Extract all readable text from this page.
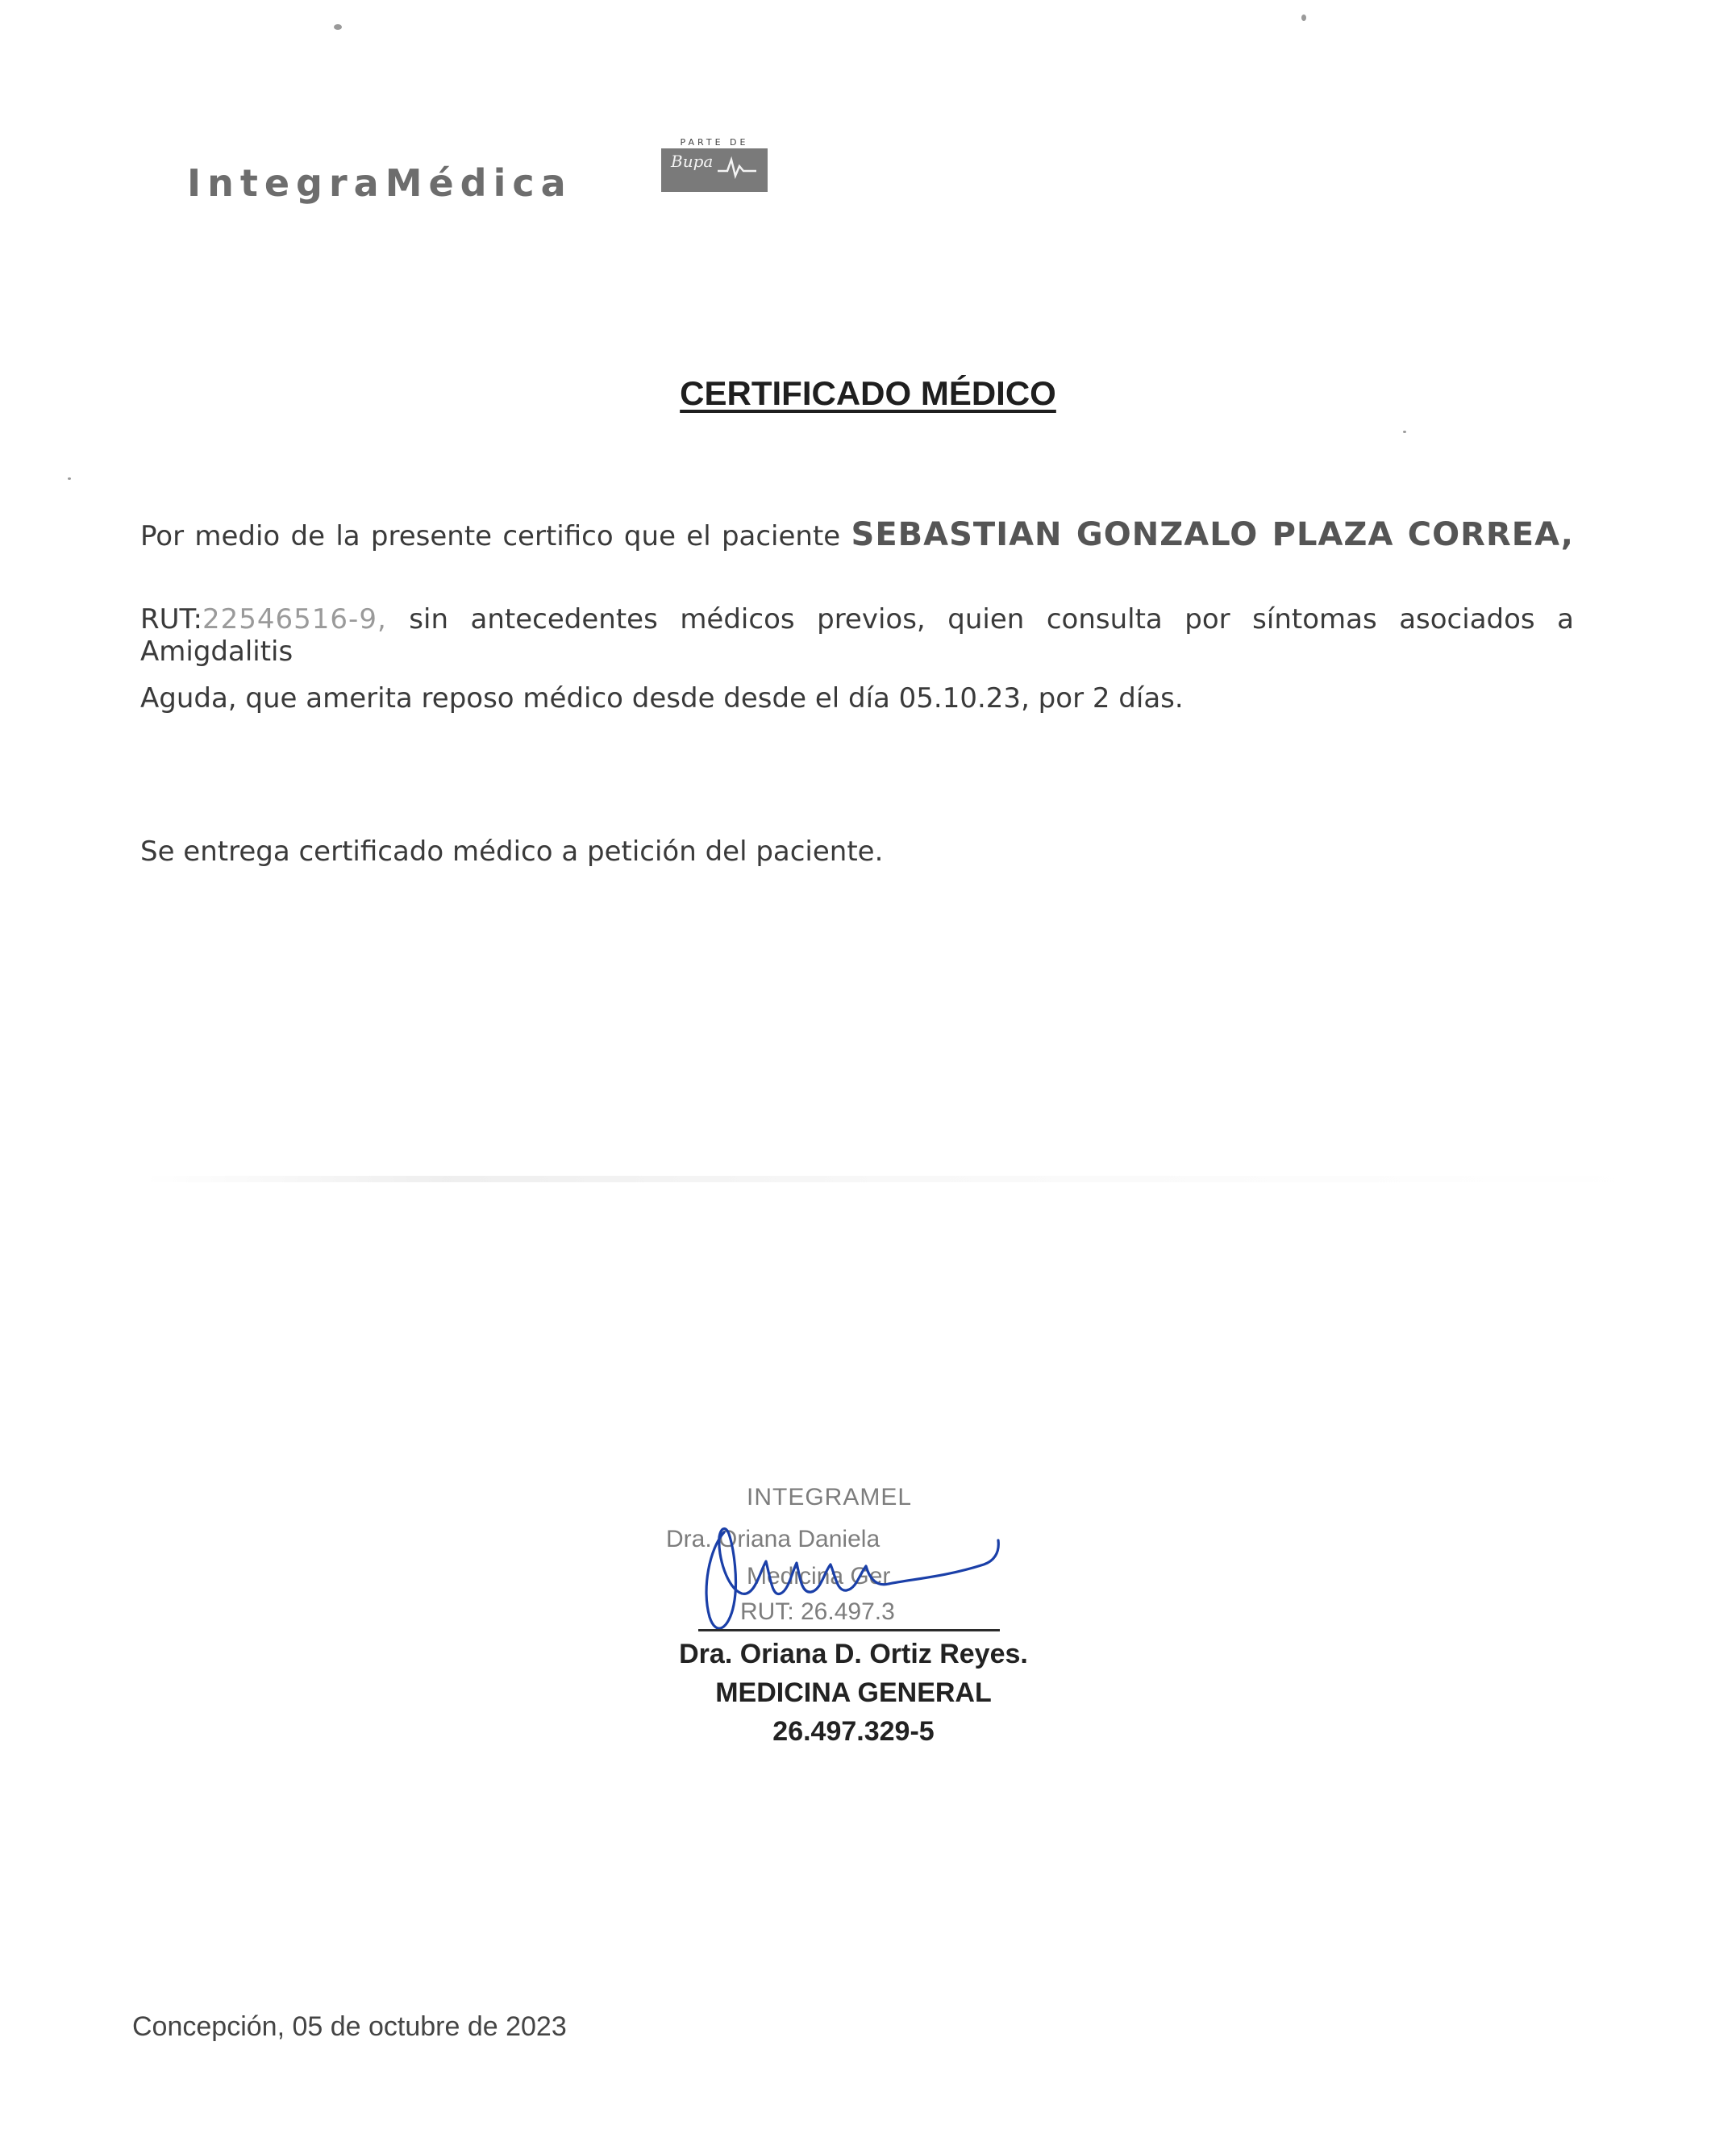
IntegraMédica
PARTE DE
Bupa
CERTIFICADO MÉDICO
Por medio de la presente certifico que el paciente SEBASTIAN GONZALO PLAZA CORREA,
RUT:22546516-9, sin antecedentes médicos previos, quien consulta por síntomas asociados a Amigdalitis
Aguda, que amerita reposo médico desde desde el día 05.10.23, por 2 días.
Se entrega certificado médico a petición del paciente.
INTEGRAMEL
Dra. Oriana Daniela
Medicina Ger
RUT: 26.497.3
Dra. Oriana D. Ortiz Reyes.
MEDICINA GENERAL
26.497.329-5
Concepción, 05 de octubre de 2023
